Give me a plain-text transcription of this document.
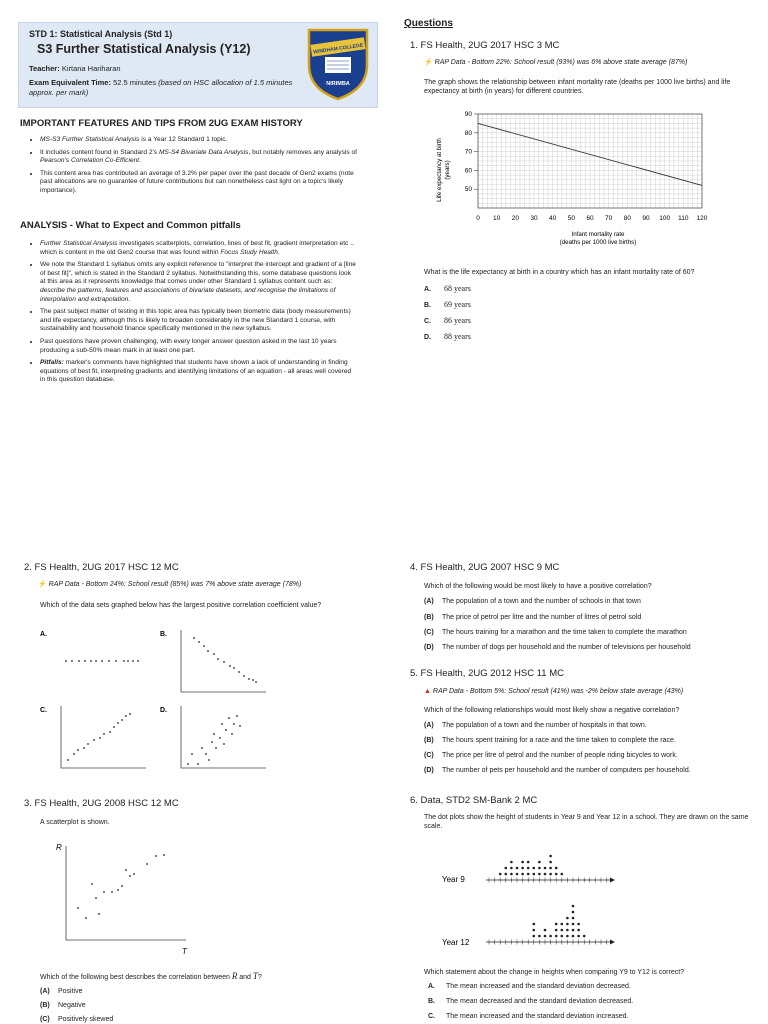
STD 1: Statistical Analysis (Std 1)
S3 Further Statistical Analysis (Y12)
Teacher: Kirtana Hariharan
Exam Equivalent Time: 52.5 minutes (based on HSC allocation of 1.5 minutes approx. per mark)
WINDHAM COLLEGE
NIRIMBA
IMPORTANT FEATURES AND TIPS FROM 2UG EXAM HISTORY
• MS-S3 Further Statistical Analysis is a Year 12 Standard 1 topic.
• It includes content found in Standard 2's MS-S4 Bivariate Data Analysis, but notably removes any analysis of Pearson's Correlation Co-Efficient.
• This content area has contributed an average of 3.2% per paper over the past decade of Gen2 exams (note past allocations are no guarantee of future contributions but can nonetheless cast light on a topic's likely importance).
ANALYSIS - What to Expect and Common pitfalls
• Further Statistical Analysis investigates scatterplots, correlation, lines of best fit, gradient interpretation etc .. which is content in the old Gen2 course that was found within Focus Study Health.
• We note the Standard 1 syllabus omits any explicit reference to "interpret the intercept and gradient of a [line of best fit]", which is stated in the Standard 2 syllabus. Notwithstanding this, some database questions look at this area as it represents knowledge that comes under other Standard 1 syllabus content such as: describe the patterns, features and associations of bivariate datasets, and recognise the limitations of interpolation and extrapolation.
• The past subject matter of testing in this topic area has typically been biometric data (body measurements) and life expectancy, although this is likely to broaden considerably in the new Standard 1 course, with sustainability and household finance specifically mentioned in the new syllabus.
• Past questions have proven challenging, with every longer answer question asked in the last 10 years producing a sub-50% mean mark in at least one part.
• Pitfalls: marker's comments have highlighted that students have shown a lack of understanding in finding equations of best fit, interpreting gradients and identifying limitations of an equation - all areas well covered in this question database.
Questions
1. FS Health, 2UG 2017 HSC 3 MC
⚡ RAP Data - Bottom 22%: School result (93%) was 6% above state average (87%)
The graph shows the relationship between infant mortality rate (deaths per 1000 live births) and life expectancy at birth (in years) for different countries.
0 10 20 30 40 50 60 70 80 90 100 110 120
50
60
70
80
90
Infant mortality rate
(deaths per 1000 live births)
Life expectancy at birth (years)
What is the life expectancy at birth in a country which has an infant mortality rate of 60?
A. 68 years
B. 69 years
C. 86 years
D. 88 years
2. FS Health, 2UG 2017 HSC 12 MC
⚡ RAP Data - Bottom 24%: School result (85%) was 7% above state average (78%)
Which of the data sets graphed below has the largest positive correlation coefficient value?
A.	B.
C.	D.
3. FS Health, 2UG 2008 HSC 12 MC
A scatterplot is shown.
R
T
Which of the following best describes the correlation between R and T?
(A) Positive
(B) Negative
(C) Positively skewed
4. FS Health, 2UG 2007 HSC 9 MC
Which of the following would be most likely to have a positive correlation?
(A) The population of a town and the number of schools in that town
(B) The price of petrol per litre and the number of litres of petrol sold
(C) The hours training for a marathon and the time taken to complete the marathon
(D) The number of dogs per household and the number of televisions per household
5. FS Health, 2UG 2012 HSC 11 MC
▲ RAP Data - Bottom 5%: School result (41%) was -2% below state average (43%)
Which of the following relationships would most likely show a negative correlation?
(A) The population of a town and the number of hospitals in that town.
(B) The hours spent training for a race and the time taken to complete the race.
(C) The price per litre of petrol and the number of people riding bicycles to work.
(D) The number of pets per household and the number of computers per household.
6. Data, STD2 SM-Bank 2 MC
The dot plots show the height of students in Year 9 and Year 12 in a school. They are drawn on the same scale.
Year 9
Year 12
Which statement about the change in heights when comparing Y9 to Y12 is correct?
A. The mean increased and the standard deviation decreased.
B. The mean decreased and the standard deviation decreased.
C. The mean increased and the standard deviation increased.
